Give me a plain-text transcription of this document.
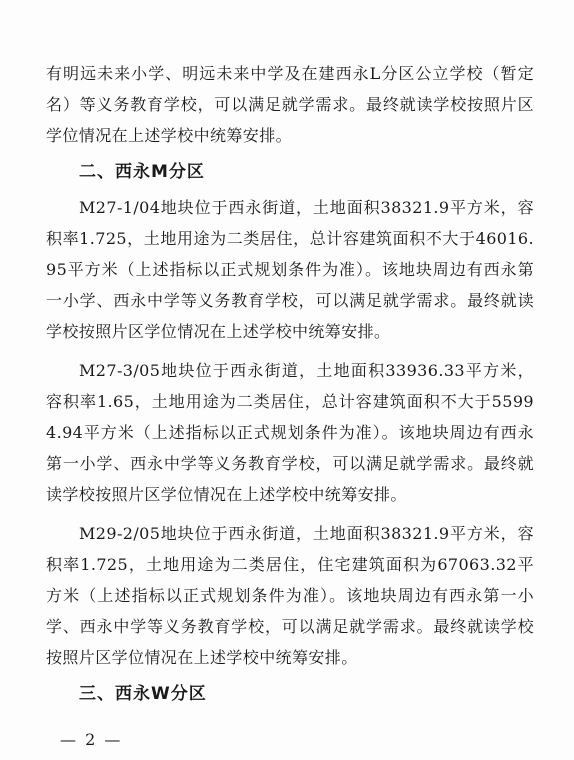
有明远未来小学、明远未来中学及在建西永L分区公立学校（暂定名）等义务教育学校，可以满足就学需求。最终就读学校按照片区学位情况在上述学校中统筹安排。

二、西永M分区

M27-1/04地块位于西永街道，土地面积38321.9平方米，容积率1.725，土地用途为二类居住，总计容建筑面积不大于46016.95平方米（上述指标以正式规划条件为准）。该地块周边有西永第一小学、西永中学等义务教育学校，可以满足就学需求。最终就读学校按照片区学位情况在上述学校中统筹安排。

M27-3/05地块位于西永街道，土地面积33936.33平方米，容积率1.65，土地用途为二类居住，总计容建筑面积不大于55994.94平方米（上述指标以正式规划条件为准）。该地块周边有西永第一小学、西永中学等义务教育学校，可以满足就学需求。最终就读学校按照片区学位情况在上述学校中统筹安排。

M29-2/05地块位于西永街道，土地面积38321.9平方米，容积率1.725，土地用途为二类居住，住宅建筑面积为67063.32平方米（上述指标以正式规划条件为准）。该地块周边有西永第一小学、西永中学等义务教育学校，可以满足就学需求。最终就读学校按照片区学位情况在上述学校中统筹安排。

三、西永W分区
— 2 —
